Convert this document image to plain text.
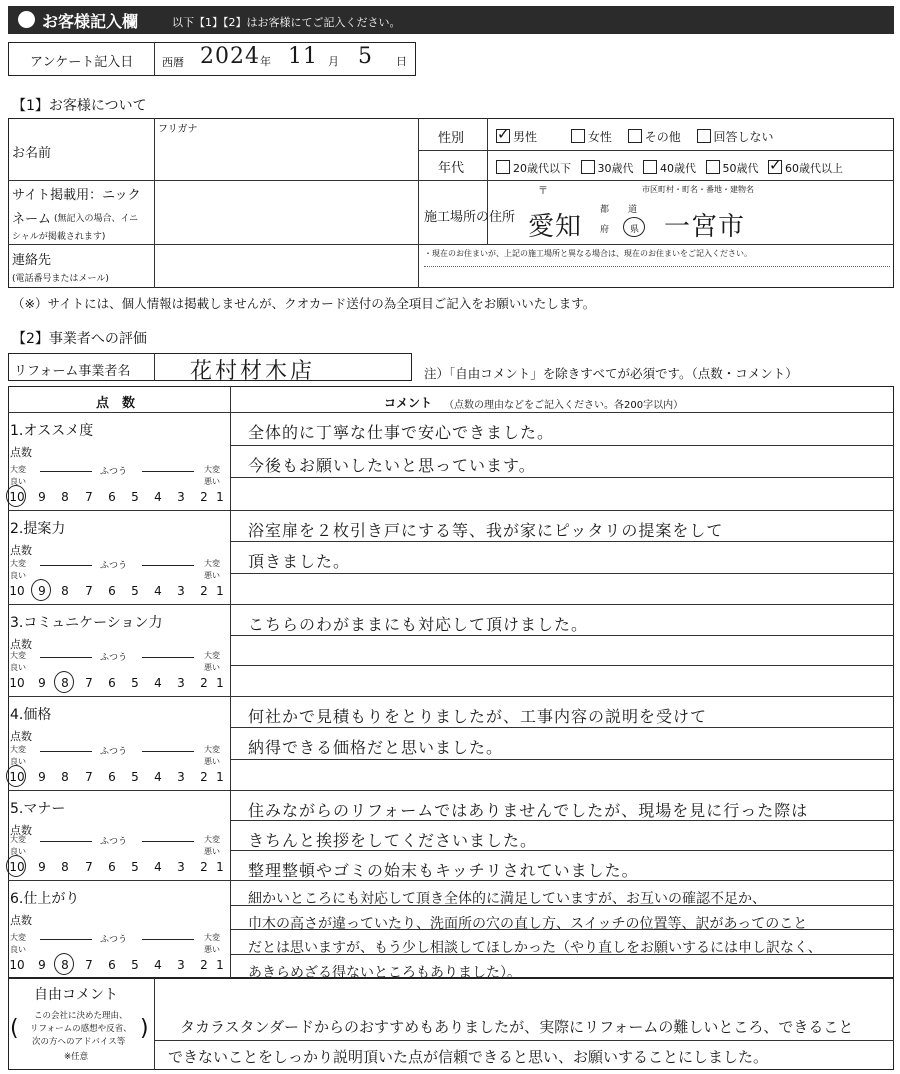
お客様記入欄	以下【1】【2】はお客様にてご記入ください。
アンケート記入日	西暦 2024 年 11 月 5 日
【1】お客様について
お名前
フリガナ
サイト掲載用：ニック
ネーム (無記入の場合、イニ
シャルが掲載されます)
連絡先
(電話番号またはメール)
性別 ✓	男性	女性	その他	回答しない
年代	20歳代以下 30歳代 40歳代 50歳代 ✓ 60歳代以上
施工場所の住所
〒	市区町村・町名・番地・建物名
愛知
都 道
府 県 一宮市
・現在のお住まいが、上記の施工場所と異なる場合は、現在のお住まいをご記入ください。
（※）サイトには、個人情報は掲載しませんが、クオカード送付の為全項目ご記入をお願いいたします。
【2】事業者への評価
リフォーム事業者名	花村材木店	注）「自由コメント」を除きすべてが必須です。（点数・コメント）
点　数	コメント （点数の理由などをご記入ください。各200字以内）
1.オススメ度
点数
大変
良い
ふつう	大変
悪い
10	9	8	7	6	5	4	3	2 1
全体的に丁寧な仕事で安心できました。
今後もお願いしたいと思っています。
2.提案力
点数
大変
良い
ふつう	大変
悪い
10	9	8	7	6	5	4	3	2 1
浴室扉を２枚引き戸にする等、我が家にピッタリの提案をして
頂きました。
3.コミュニケーション力
点数
大変
良い
ふつう	大変
悪い
10	9	8	7	6	5	4	3	2 1
こちらのわがままにも対応して頂けました。
4.価格
点数
大変
良い
ふつう	大変
悪い
10	9	8	7	6	5	4	3	2 1
何社かで見積もりをとりましたが、工事内容の説明を受けて
納得できる価格だと思いました。
5.マナー
点数
大変
良い
ふつう	大変
悪い
10	9	8	7	6	5	4	3	2 1
住みながらのリフォームではありませんでしたが、現場を見に行った際は
きちんと挨拶をしてくださいました。
整理整頓やゴミの始末もキッチリされていました。
6.仕上がり
点数
大変
良い
ふつう	大変
悪い
10	9	8	7	6	5	4	3	2 1
細かいところにも対応して頂き全体的に満足していますが、お互いの確認不足か、
巾木の高さが違っていたり、洗面所の穴の直し方、スイッチの位置等、訳があってのこと
だとは思いますが、もう少し相談してほしかった（やり直しをお願いするには申し訳なく、
あきらめざる得ないところもありました）。
自由コメント
この会社に決めた理由、
リフォームの感想や反省、
次の方へのアドバイス等
※任意
(	) タカラスタンダードからのおすすめもありましたが、実際にリフォームの難しいところ、できること
できないことをしっかり説明頂いた点が信頼できると思い、お願いすることにしました。
